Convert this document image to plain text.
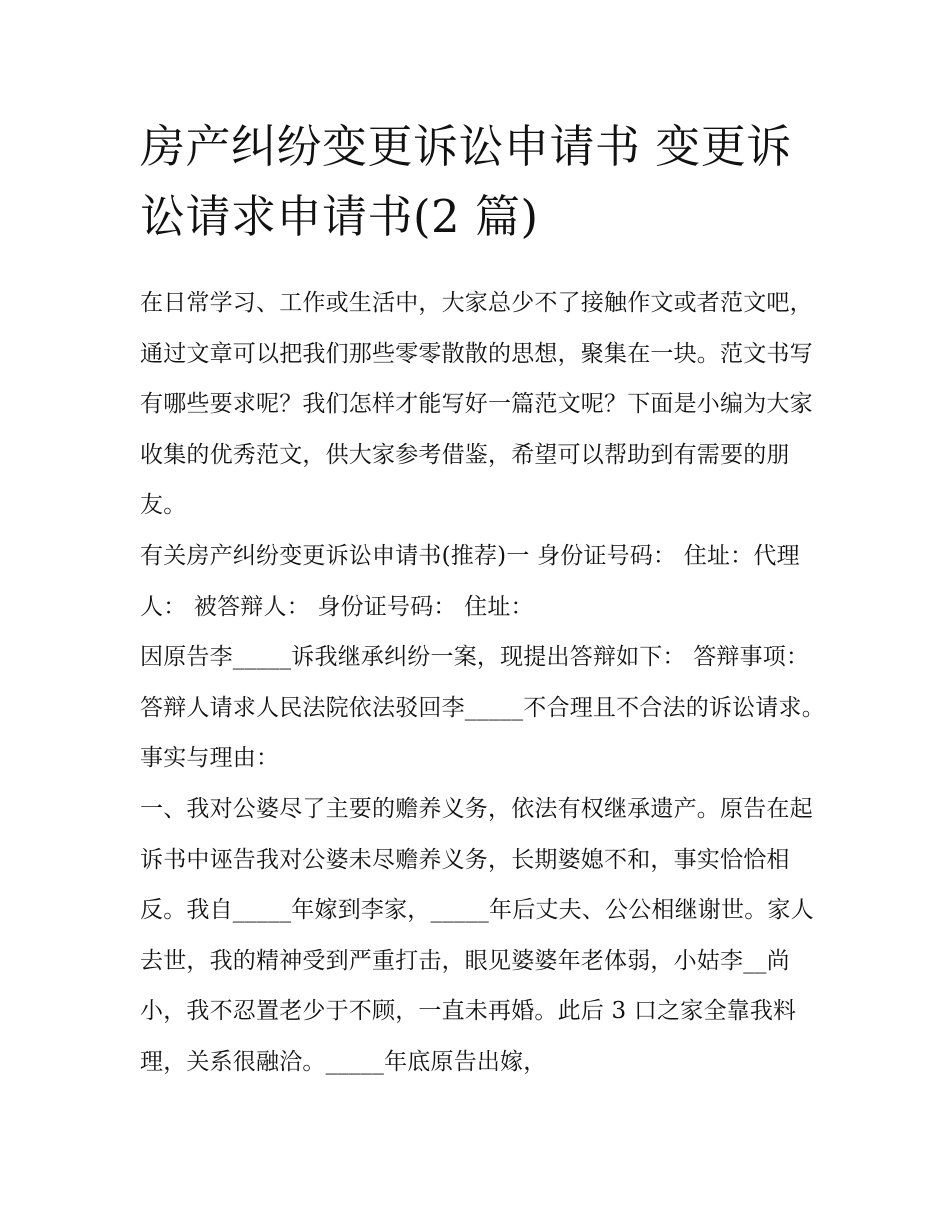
房产纠纷变更诉讼申请书 变更诉讼请求申请书(2 篇)

在日常学习、工作或生活中，大家总少不了接触作文或者范文吧，通过文章可以把我们那些零零散散的思想，聚集在一块。范文书写有哪些要求呢？我们怎样才能写好一篇范文呢？下面是小编为大家收集的优秀范文，供大家参考借鉴，希望可以帮助到有需要的朋友。

有关房产纠纷变更诉讼申请书(推荐)一 身份证号码： 住址：代理人： 被答辩人： 身份证号码： 住址：

因原告李_____诉我继承纠纷一案，现提出答辩如下： 答辩事项：答辩人请求人民法院依法驳回李_____不合理且不合法的诉讼请求。 事实与理由：

一、我对公婆尽了主要的赡养义务，依法有权继承遗产。原告在起诉书中诬告我对公婆未尽赡养义务，长期婆媳不和，事实恰恰相反。我自_____年嫁到李家，_____年后丈夫、公公相继谢世。家人去世，我的精神受到严重打击，眼见婆婆年老体弱，小姑李__尚小，我不忍置老少于不顾，一直未再婚。此后 3 口之家全靠我料理，关系很融洽。_____年底原告出嫁，
